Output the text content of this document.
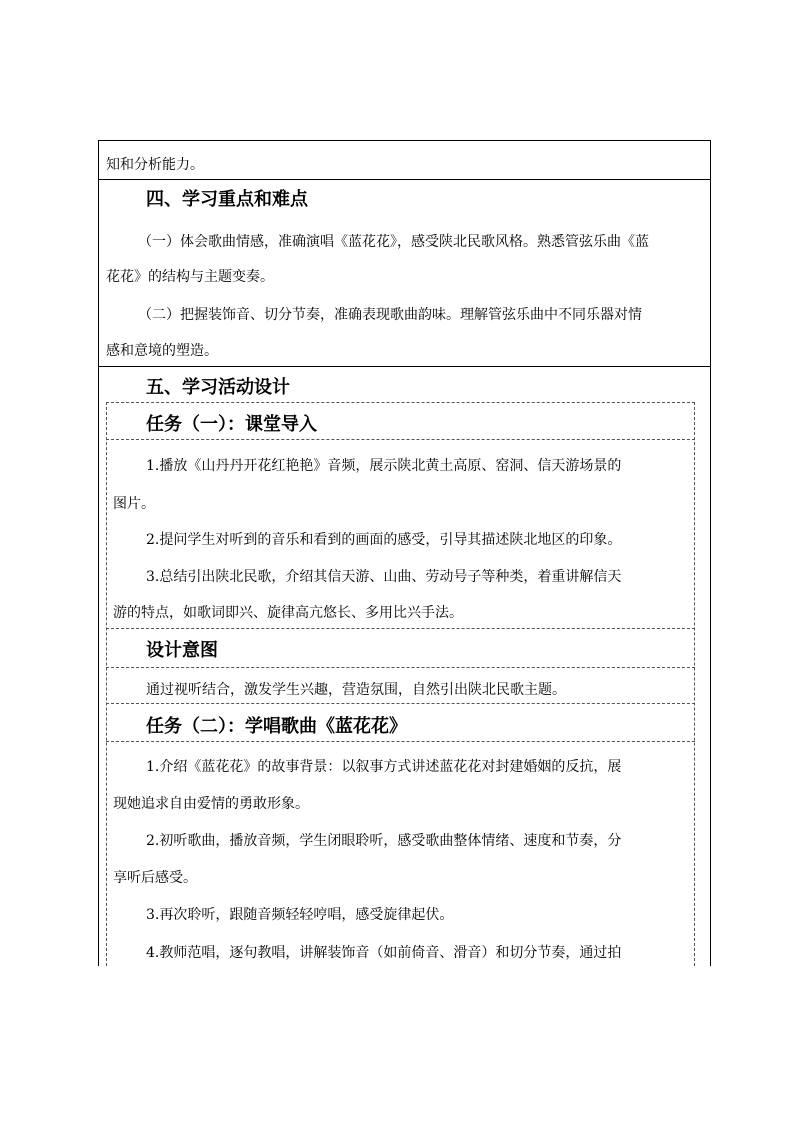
知和分析能力。
四、学习重点和难点
（一）体会歌曲情感，准确演唱《蓝花花》，感受陕北民歌风格。熟悉管弦乐曲《蓝
花花》的结构与主题变奏。
（二）把握装饰音、切分节奏，准确表现歌曲韵味。理解管弦乐曲中不同乐器对情
感和意境的塑造。
五、学习活动设计
任务（一）：课堂导入
1.播放《山丹丹开花红艳艳》音频，展示陕北黄土高原、窑洞、信天游场景的
图片。
2.提问学生对听到的音乐和看到的画面的感受，引导其描述陕北地区的印象。
3.总结引出陕北民歌，介绍其信天游、山曲、劳动号子等种类，着重讲解信天
游的特点，如歌词即兴、旋律高亢悠长、多用比兴手法。
设计意图
通过视听结合，激发学生兴趣，营造氛围，自然引出陕北民歌主题。
任务（二）：学唱歌曲《蓝花花》
1.介绍《蓝花花》的故事背景：以叙事方式讲述蓝花花对封建婚姻的反抗，展
现她追求自由爱情的勇敢形象。
2.初听歌曲，播放音频，学生闭眼聆听，感受歌曲整体情绪、速度和节奏，分
享听后感受。
3.再次聆听，跟随音频轻轻哼唱，感受旋律起伏。
4.教师范唱，逐句教唱，讲解装饰音（如前倚音、滑音）和切分节奏，通过拍
